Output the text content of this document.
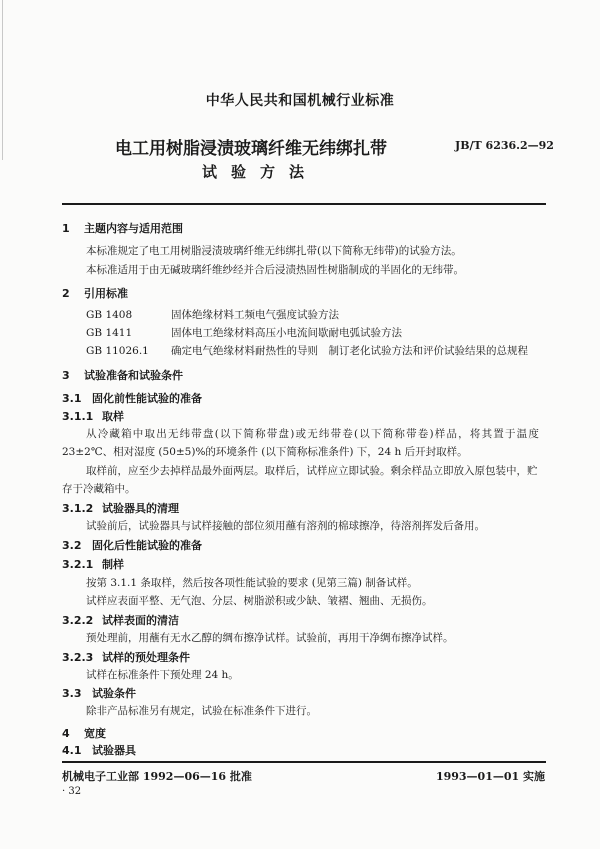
中华人民共和国机械行业标准
电工用树脂浸渍玻璃纤维无纬绑扎带	JB/T 6236.2—92
试验方法
1 主题内容与适用范围
本标准规定了电工用树脂浸渍玻璃纤维无纬绑扎带(以下简称无纬带)的试验方法。
本标准适用于由无碱玻璃纤维纱经并合后浸渍热固性树脂制成的半固化的无纬带。
2 引用标准
GB 1408	固体绝缘材料工频电气强度试验方法
GB 1411	固体电工绝缘材料高压小电流间歇耐电弧试验方法
GB 11026.1 确定电气绝缘材料耐热性的导则　制订老化试验方法和评价试验结果的总规程
3 试验准备和试验条件
3.1 固化前性能试验的准备
3.1.1 取样
从冷藏箱中取出无纬带盘(以下简称带盘)或无纬带卷(以下简称带卷)样品，将其置于温度
23±2℃、相对湿度 (50±5)%的环境条件 (以下简称标准条件) 下，24 h 后开封取样。
取样前，应至少去掉样品最外面两层。取样后，试样应立即试验。剩余样品立即放入原包装中，贮
存于冷藏箱中。
3.1.2 试验器具的清理
试验前后，试验器具与试样接触的部位须用蘸有溶剂的棉球擦净，待溶剂挥发后备用。
3.2 固化后性能试验的准备
3.2.1 制样
按第 3.1.1 条取样，然后按各项性能试验的要求 (见第三篇) 制备试样。
试样应表面平整、无气泡、分层、树脂淤积或少缺、皱褶、翘曲、无损伤。
3.2.2 试样表面的清洁
预处理前，用蘸有无水乙醇的绸布擦净试样。试验前，再用干净绸布擦净试样。
3.2.3 试样的预处理条件
试样在标准条件下预处理 24 h。
3.3 试验条件
除非产品标准另有规定，试验在标准条件下进行。
4 宽度
4.1 试验器具
机械电子工业部 1992—06—16 批准	1993—01—01 实施
· 32
